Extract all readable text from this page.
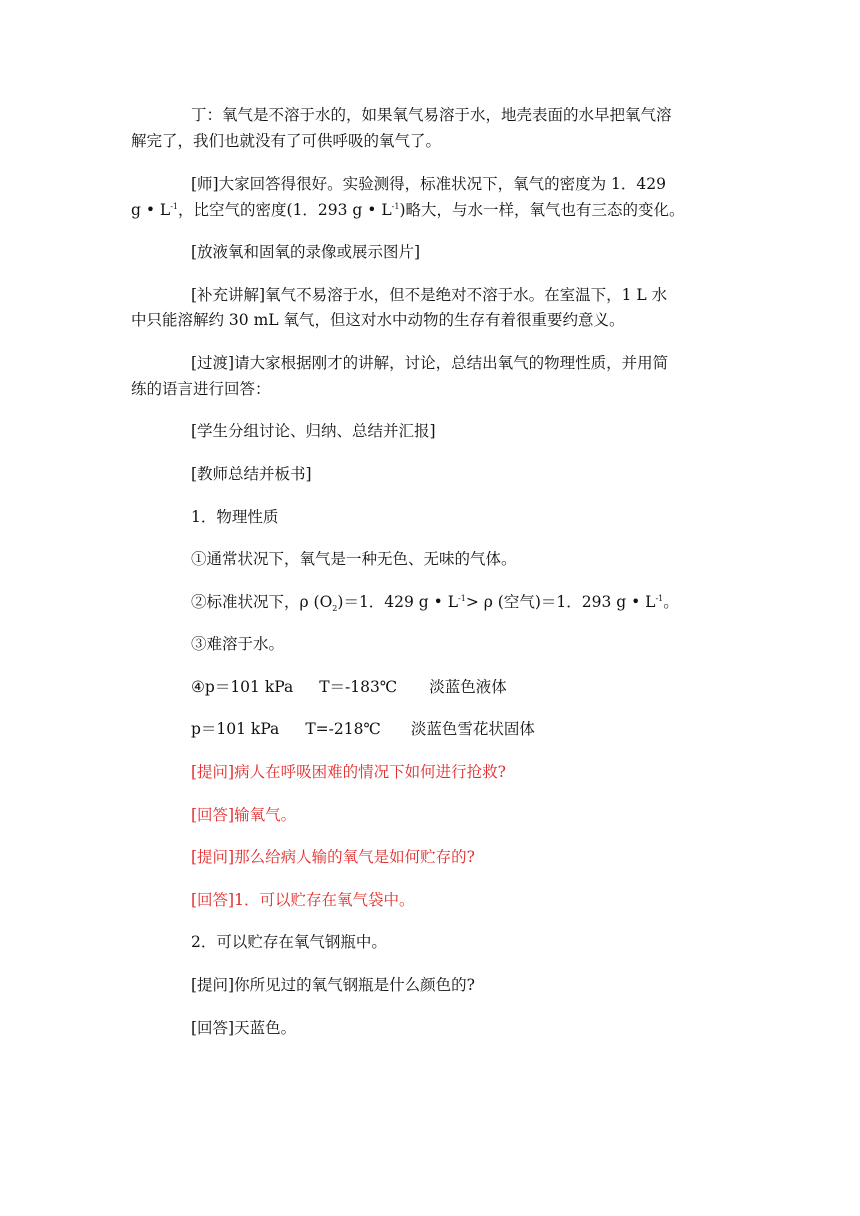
丁：氧气是不溶于水的，如果氧气易溶于水，地壳表面的水早把氧气溶
解完了，我们也就没有了可供呼吸的氧气了。
[师]大家回答得很好。实验测得，标准状况下，氧气的密度为 1．429
g • $L^{-1}$，比空气的密度(1．293 g • $L^{-1}$)略大，与水一样，氧气也有三态的变化。
[放液氧和固氧的录像或展示图片]
[补充讲解]氧气不易溶于水，但不是绝对不溶于水。在室温下，1 L 水
中只能溶解约 30 mL 氧气，但这对水中动物的生存有着很重要约意义。
[过渡]请大家根据刚才的讲解，讨论，总结出氧气的物理性质，并用简
练的语言进行回答：
[学生分组讨论、归纳、总结并汇报]
[教师总结并板书]
1．物理性质
①通常状况下，氧气是一种无色、无味的气体。
②标准状况下，ρ $(O_2)=1$．429 g • $L^{-1}> \rho$ (空气)＝1．293 g • $L^{-1}$。
③难溶于水。
④p＝101 kPa T＝-183℃ 淡蓝色液体
p＝101 kPa T=-218℃ 淡蓝色雪花状固体
[提问]病人在呼吸困难的情况下如何进行抢救?
[回答]输氧气。
[提问]那么给病人输的氧气是如何贮存的?
[回答]1．可以贮存在氧气袋中。
2．可以贮存在氧气钢瓶中。
[提问]你所见过的氧气钢瓶是什么颜色的?
[回答]天蓝色。
